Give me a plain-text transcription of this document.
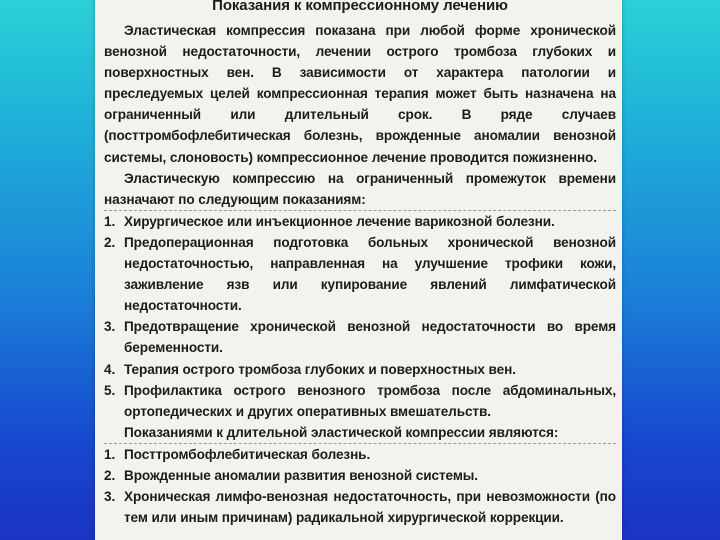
Показания к компрессионному лечению

Эластическая компрессия показана при любой форме хронической венозной недостаточности, лечении острого тромбоза глубоких и поверхностных вен. В зависимости от характера патологии и преследуемых целей компрессионная терапия может быть назначена на ограниченный или длительный срок. В ряде случаев (посттромбофлебитическая болезнь, врожденные аномалии венозной системы, слоновость) компрессионное лечение проводится пожизненно.

Эластическую компрессию на ограниченный промежуток времени назначают по следующим показаниям:

1. Хирургическое или инъекционное лечение варикозной болезни.
2. Предоперационная подготовка больных хронической венозной недостаточностью, направленная на улучшение трофики кожи, заживление язв или купирование явлений лимфатической недостаточности.
3. Предотвращение хронической венозной недостаточности во время беременности.
4. Терапия острого тромбоза глубоких и поверхностных вен.
5. Профилактика острого венозного тромбоза после абдоминальных, ортопедических и других оперативных вмешательств.

Показаниями к длительной эластической компрессии являются:

1. Посттромбофлебитическая болезнь.
2. Врожденные аномалии развития венозной системы.
3. Хроническая лимфо-венозная недостаточность, при невозможности (по тем или иным причинам) радикальной хирургической коррекции.
